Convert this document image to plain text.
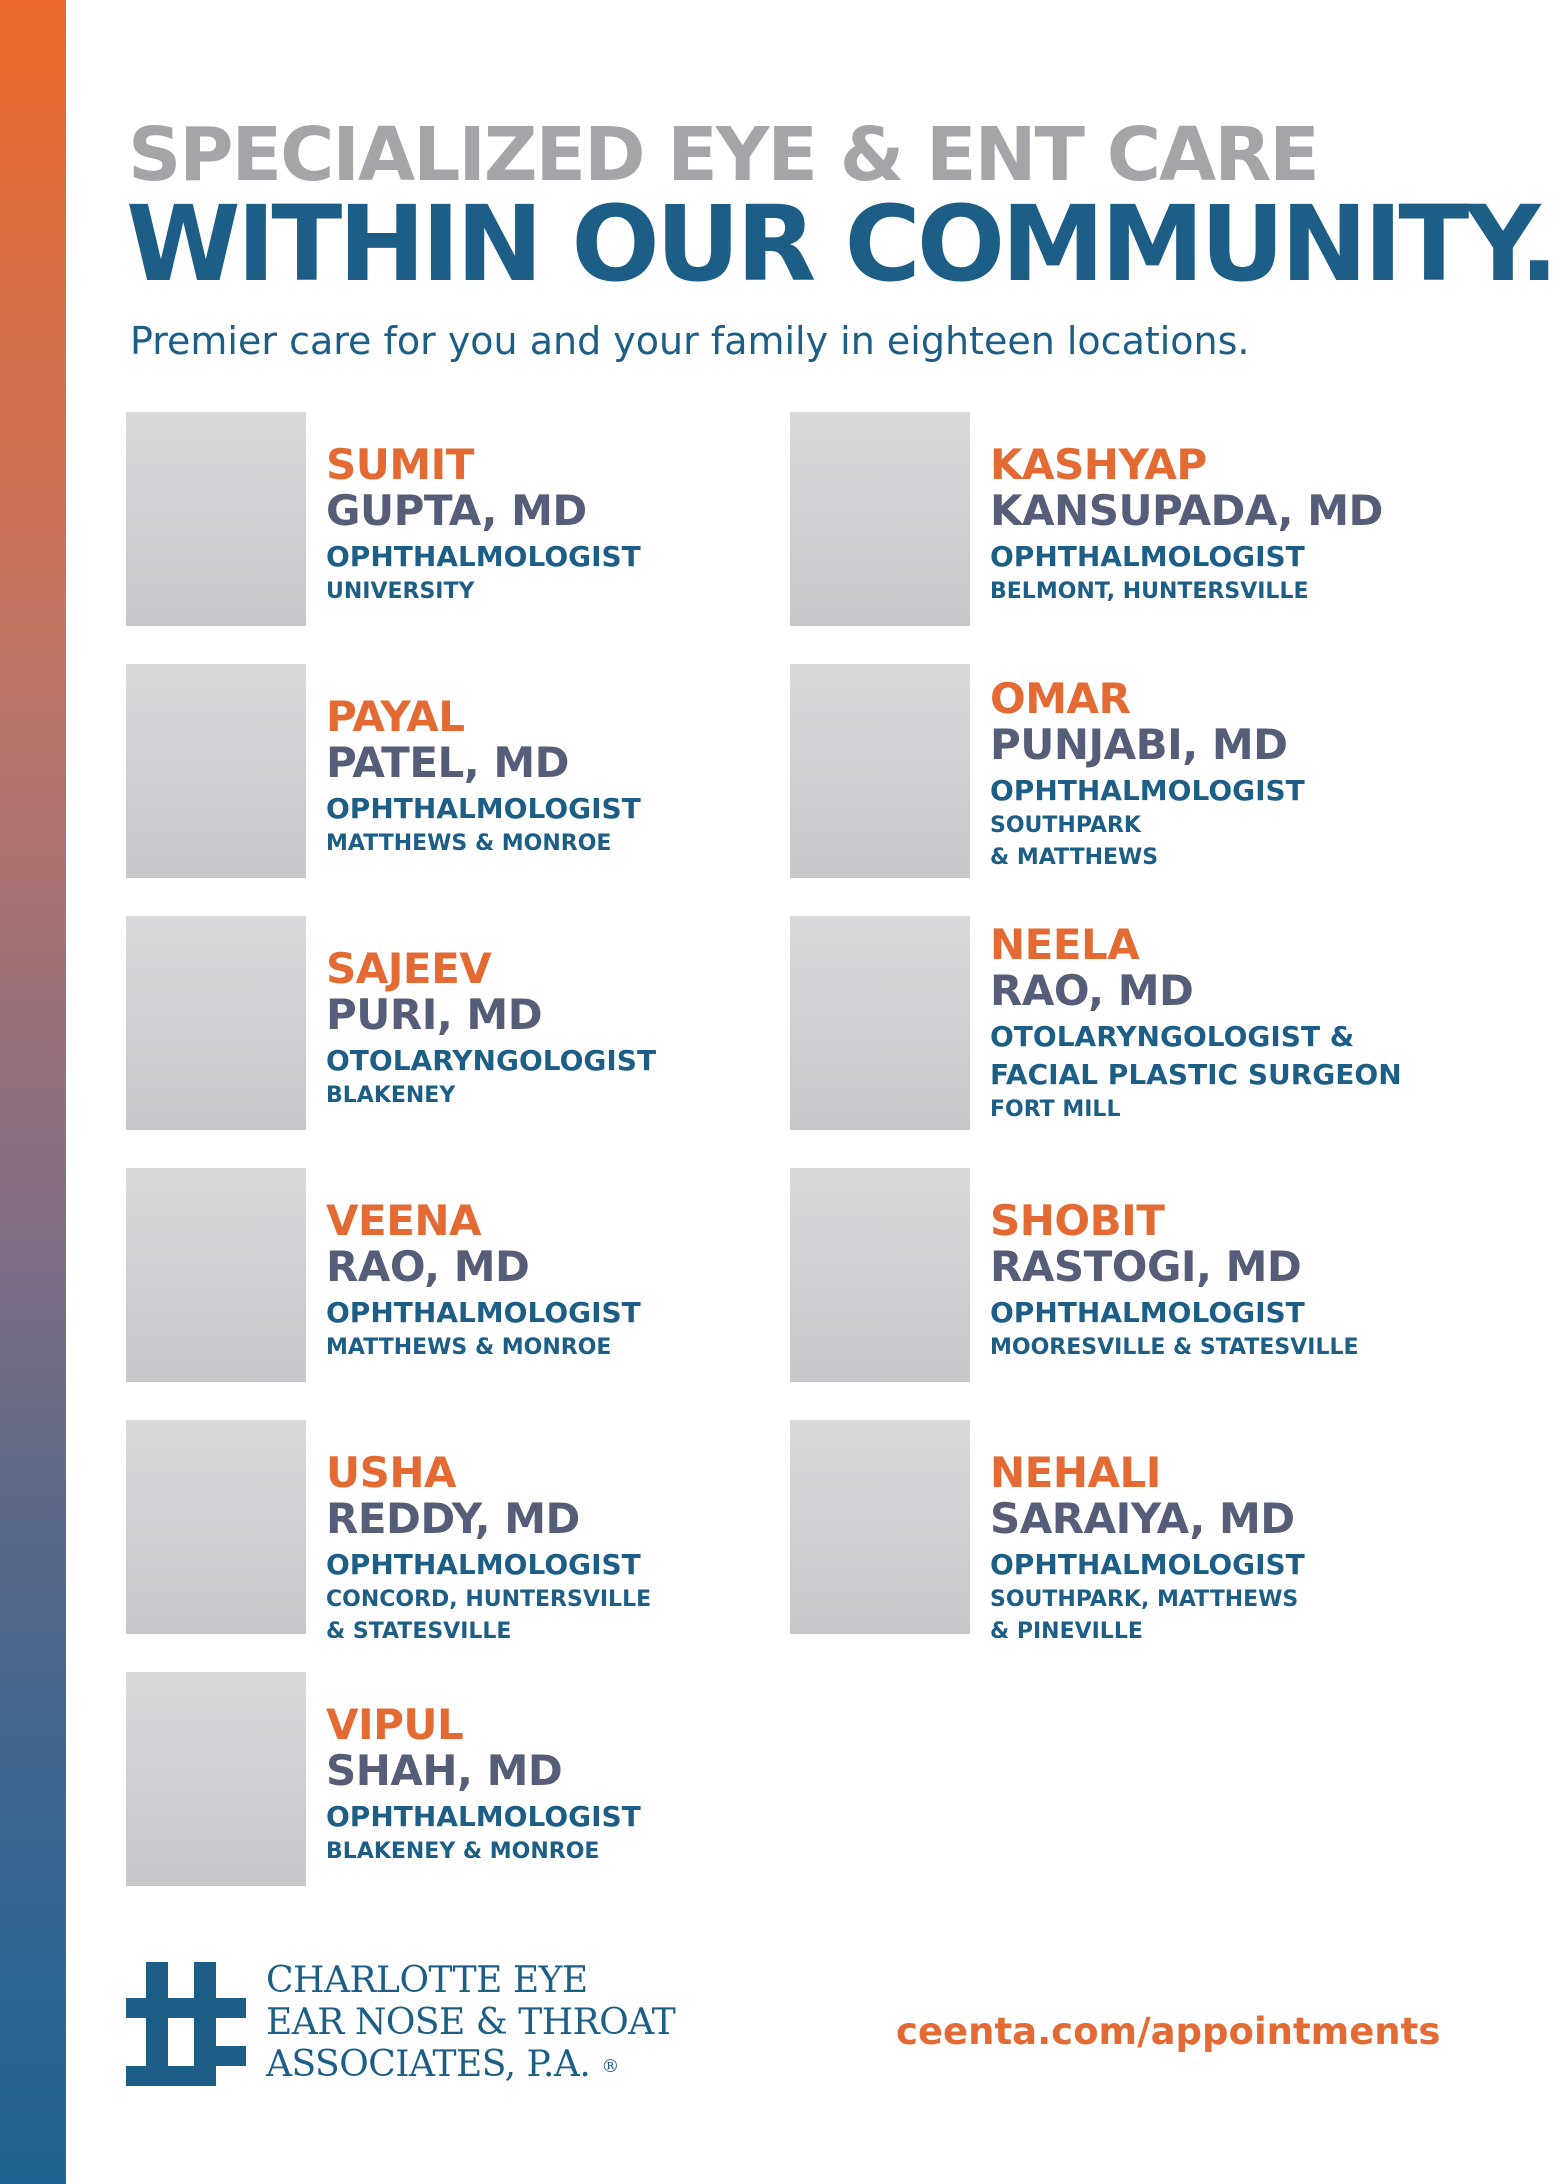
SPECIALIZED EYE & ENT CARE
WITHIN OUR COMMUNITY.
Premier care for you and your family in eighteen locations.
SUMIT
GUPTA, MD
OPHTHALMOLOGIST
UNIVERSITY
KASHYAP
KANSUPADA, MD
OPHTHALMOLOGIST
BELMONT, HUNTERSVILLE
PAYAL
PATEL, MD
OPHTHALMOLOGIST
MATTHEWS & MONROE
OMAR
PUNJABI, MD
OPHTHALMOLOGIST
SOUTHPARK
& MATTHEWS
SAJEEV
PURI, MD
OTOLARYNGOLOGIST
BLAKENEY
NEELA
RAO, MD
OTOLARYNGOLOGIST &
FACIAL PLASTIC SURGEON
FORT MILL
VEENA
RAO, MD
OPHTHALMOLOGIST
MATTHEWS & MONROE
SHOBIT
RASTOGI, MD
OPHTHALMOLOGIST
MOORESVILLE & STATESVILLE
USHA
REDDY, MD
OPHTHALMOLOGIST
CONCORD, HUNTERSVILLE
& STATESVILLE
NEHALI
SARAIYA, MD
OPHTHALMOLOGIST
SOUTHPARK, MATTHEWS
& PINEVILLE
VIPUL
SHAH, MD
OPHTHALMOLOGIST
BLAKENEY & MONROE
CHARLOTTE EYE
EAR NOSE & THROAT
ASSOCIATES, P.A. ®
ceenta.com/appointments
